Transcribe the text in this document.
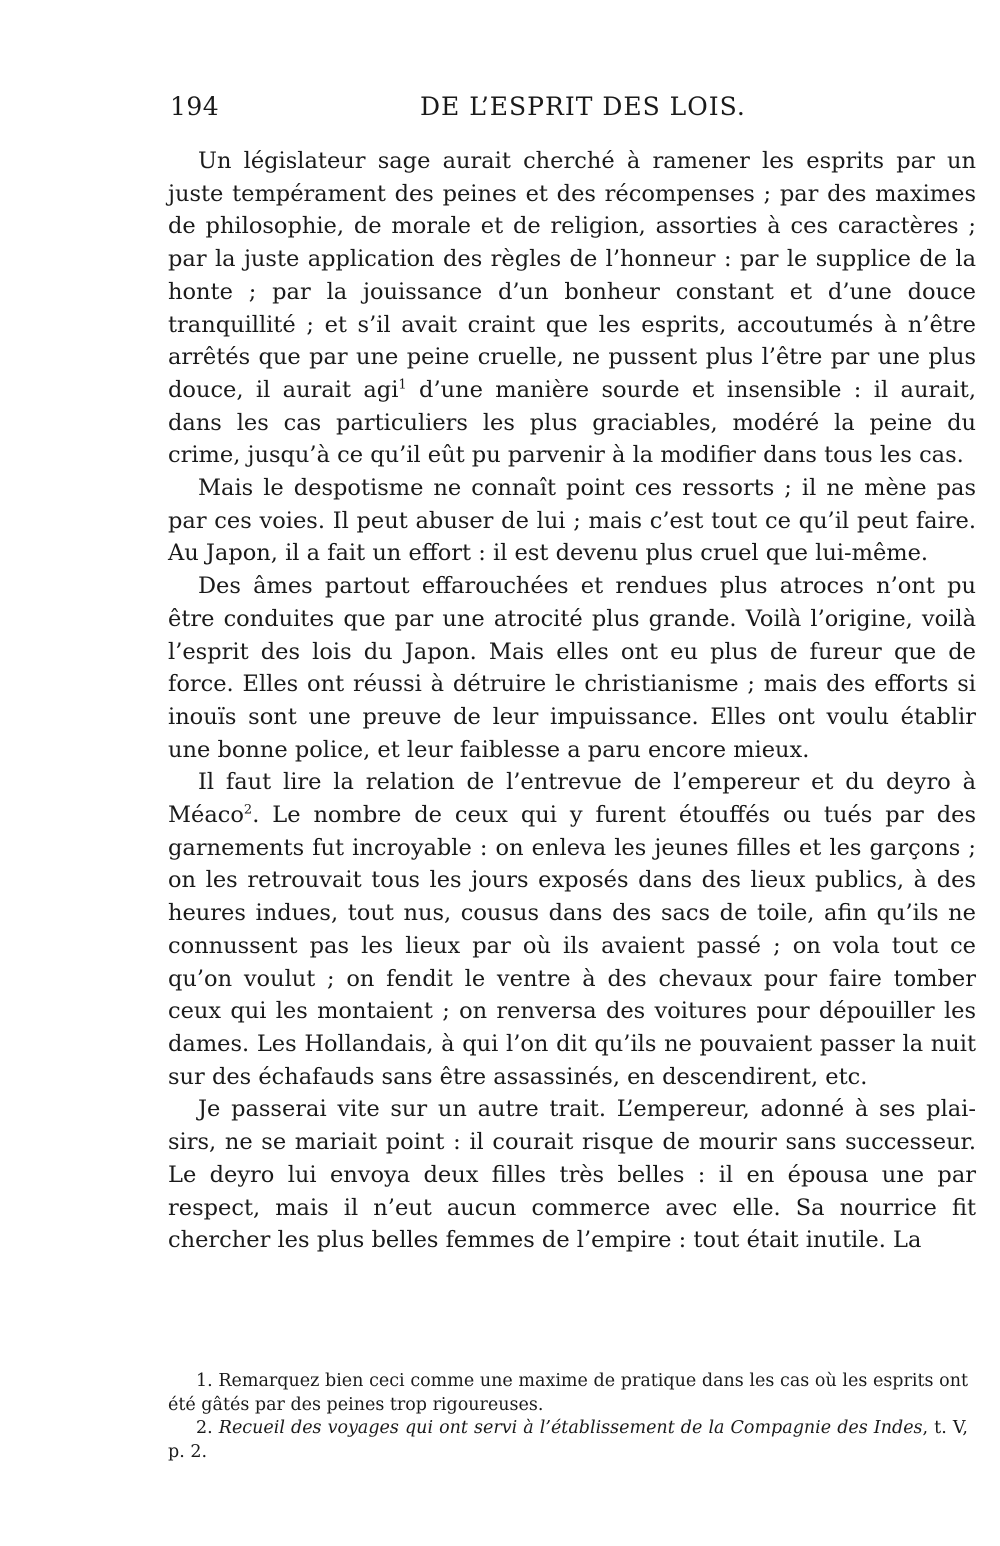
194	DE L’ESPRIT DES LOIS.

Un législateur sage aurait cherché à ramener les esprits par un juste tempérament des peines et des récompenses ; par des maximes de philosophie, de morale et de religion, assorties à ces caractères ; par la juste application des règles de l’honneur : par le supplice de la honte ; par la jouissance d’un bonheur constant et d’une douce tranquillité ; et s’il avait craint que les esprits, accoutumés à n’être arrêtés que par une peine cruelle, ne pussent plus l’être par une plus douce, il aurait agi$^1$ d’une manière sourde et insensible : il aurait, dans les cas particuliers les plus graciables, modéré la peine du crime, jusqu’à ce qu’il eût pu parvenir à la modifier dans tous les cas.

Mais le despotisme ne connaît point ces ressorts ; il ne mène pas par ces voies. Il peut abuser de lui ; mais c’est tout ce qu’il peut faire. Au Japon, il a fait un effort : il est devenu plus cruel que lui-même.

Des âmes partout effarouchées et rendues plus atroces n’ont pu être conduites que par une atrocité plus grande. Voilà l’origine, voilà l’esprit des lois du Japon. Mais elles ont eu plus de fureur que de force. Elles ont réussi à détruire le christianisme ; mais des efforts si inouïs sont une preuve de leur impuissance. Elles ont voulu établir une bonne police, et leur faiblesse a paru encore mieux.

Il faut lire la relation de l’entrevue de l’empereur et du deyro à Méaco$^2$. Le nombre de ceux qui y furent étouffés ou tués par des garnements fut incroyable : on enleva les jeunes filles et les garçons ; on les retrouvait tous les jours exposés dans des lieux publics, à des heures indues, tout nus, cousus dans des sacs de toile, afin qu’ils ne connussent pas les lieux par où ils avaient passé ; on vola tout ce qu’on voulut ; on fendit le ventre à des chevaux pour faire tomber ceux qui les montaient ; on renversa des voitures pour dépouiller les dames. Les Hollandais, à qui l’on dit qu’ils ne pouvaient passer la nuit sur des échafauds sans être assassinés, en descendirent, etc.

Je passerai vite sur un autre trait. L’empereur, adonné à ses plaisirs, ne se mariait point : il courait risque de mourir sans successeur. Le deyro lui envoya deux filles très belles : il en épousa une par respect, mais il n’eut aucun commerce avec elle. Sa nourrice fit chercher les plus belles femmes de l’empire : tout était inutile. La

1. Remarquez bien ceci comme une maxime de pratique dans les cas où les esprits ont été gâtés par des peines trop rigoureuses.

2. Recueil des voyages qui ont servi à l’établissement de la Compagnie des Indes, t. V, p. 2.
